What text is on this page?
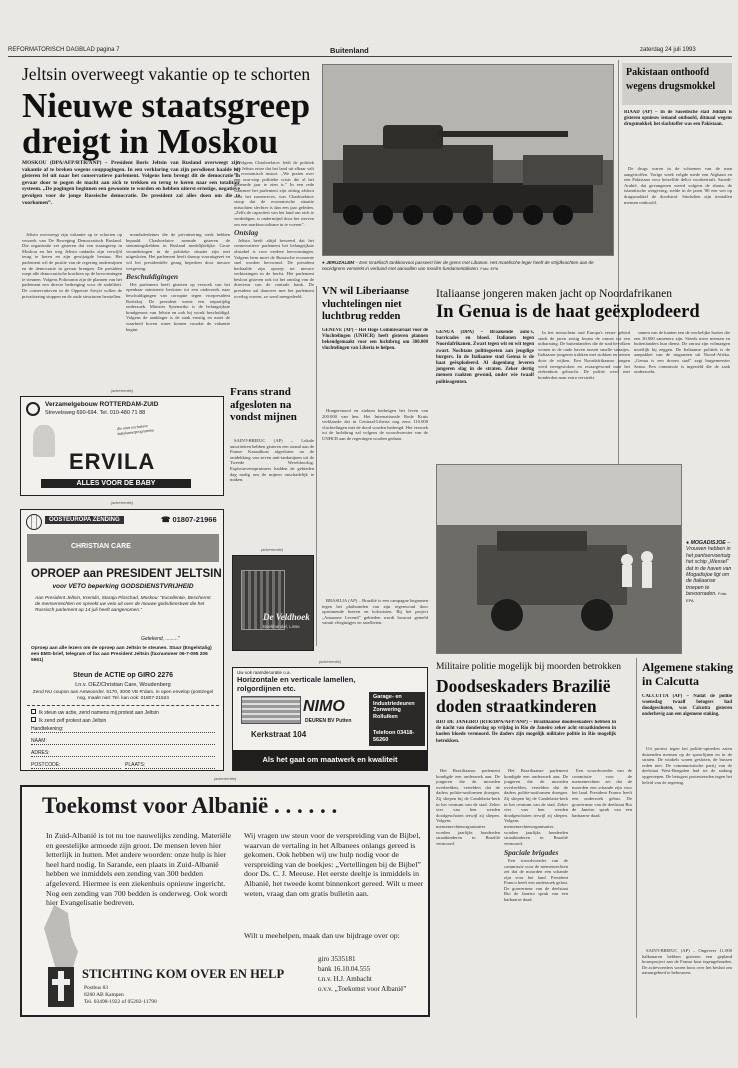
REFORMATORISCH DAGBLAD pagina 7	Buitenland	zaterdag 24 juli 1993
Jeltsin overweegt vakantie op te schorten
Nieuwe staatsgreep dreigt in Moskou
MOSKOU (DPA/AFP/RTR/ANP) – President Boris Jeltsin van Rusland overweegt zijn vakantie af te breken wegens couppogingen. In een verklaring van zijn persdienst haalde hij gisteren fel uit naar het conservatieve parlement. Volgens hem brengt dit de democratie in gevaar door te pogen de macht aan zich te trekken en terug te keren naar een totalitair systeem. „De pogingen beginnen een gewoonte te worden en hebben uiterst ernstige, negatieve gevolgen voor de jonge Russische democratie. De president zal alles doen om die te voorkomen”.

Jeltsin overweegt zijn vakantie op te schorten op verzoek van De Beweging Democratisch Rusland. Die organisatie zei gisteren dat een staatsgreep in Moskou en het weg Jeltsin ondanks zijn verwijld terug te keren en zijn gewijzigde bestuur. Het parlement wil de positie van de regering ondermijnen en de democratie in gevaar brengen. De president roept alle democratische krachten op de hervormingen te steunen. Volgens Poltoranin zijn de plannen van het parlement een directe bedreiging voor de stabiliteit. De conservatieven in de Opperste Sovjet willen de privatisering stoppen en de oude structuren herstellen.

mondsdesleines die de privatisering sterk hebben bepaald. Chasboelatov noemde gisteren de stemmingsliebben in Rusland medelijkelijke. Grote veranderingen in de politieke situatie zijn niet uitgesloten. Het parlement heeft daarop vooruitgezet en wil het presidentiële gezag beperken door nieuwe wetgeving.

Beschuldigingen

Het parlement heeft gisteren op verzoek van het openbaar ministerie besloten tot een onderzoek naar beschuldigingen van corruptie tegen vicepresident Roetskoj. De president wenst een onpartijdig onderzoek. Minister Sjoemeiko is de belangrijkste bondgenoot van Jeltsin en ook hij wordt beschuldigd. Volgens de aanklager is de zaak ernstig en moet de waarheid boven water komen voordat de vakantie begint.

Volgens Chasboelatov leidt de politiek van Jeltsin ertoe dat het land uit elkaar valt en economisch instort. „We praten over een non-stop politieke crisis die al het gebeurde jaar te zien is.” In een rede waarmee het parlement zijn zitting afsloot voor het zomerreces, was Chasboelatov stoop dat de economische situatie misschien slechter is dan een jaar geleden. „Zelfs de capaciteit van het land om zich te verdedigen, is ondermijnd door het streven om een marktsocialisme in te voeren”.

Ontslag

Jeltsin heeft altijd beweerd dat het conservatieve parlement het belangrijkste obstakel is voor verdere hervormingen. Volgens hem moet de Russische economie snel worden hervormd. De president herhaalde zijn oproep tot nieuwe verkiezingen in de herfst. Het parlement besloot gisteren ook tot het ontslag van de directeur van de centrale bank. De president zal daarover met het parlement overleg voeren, zo werd meegedeeld.

● JERUZALEM – Een Israëlisch tankkonvooi passeert hier de grens met Libanon. Het Israëlische leger heeft de strijdkrachten aan de noordgrens versterkt in verband met aanvallen van moslim-fundamentalisten. Foto: EPA
Pakistaan onthoofd wegens drugsmokkel
RIAAD (AP) – In de Saoedische stad Jiddah is gisteren opnieuw iemand onthoofd, ditmaal wegens drugsmokkel; het slachtoffer was een Pakistaan.

De drugs waren in de schoenen van de man aangetroffen. Vorige week volgde mede een Afghaan en een Pakistaan voor hetzelfde delict voorbestraft. Saoedi-Arabië, dat gevangenen weerd volgens de sharia, de islamitische wetgeving, stelde in de jaren '80 een wet op drugsmokkel de doodstraf. Sindsdien zijn tientallen mensen onthoofd.

(advertentie)
Verzamelgebouw ROTTERDAM-ZUID
Strevelsweg 690-694. Tel. 010-480 71 88
Zie onze exclusieve babykamerprogramma
ERVILA
ALLES VOOR DE BABY
(advertentie)
OOSTEUROPA ZENDING	☎ 01807-21966
CHRISTIAN CARE
OPROEP aan PRESIDENT JELTSIN
voor VETO beperking GODSDIENSTVRIJHEID
Aan President Jeltsin, Kremlin, Staraja Ploschad, Moskou: "Excellentie, Beschermt de mensenrechten en spreekt uw veto uit over de nieuwe godsdienstwet die het Russisch parlement op 14 juli heeft aangenomen."
Getekend, ........."
Oproep aan alle lezers om de oproep aan Jeltsin te steunen. Stuur (Engelstalig) een EMS-brief, telegram of fax aan President Jeltsin (faxnummer 06-7-095 206 5961)
Steun de ACTIE op GIRO 2276
t.n.v. OEZ/Christian Care, Woudenberg
Zend NU coupon aan Antwoordnr. 5170, 3000 VB R'dam, in open envelop (postzegel nog, maakt niet: Tel. kan ook: 01807-21524
Ik steun uw actie, zend namens mij protest aan Jeltsin
Ik zend zelf protest aan Jeltsin
Handtekening:
NAAM:
ADRES:
POSTCODE:	PLAATS:
VN wil Liberiaanse vluchtelingen niet luchtbrug redden
GENÈVE (AP) – Het Hoge Commissariaat voor de Vluchtelingen (UNHCR) heeft gisteren plannen bekendgemaakt voor een luchtbrug om 300.000 vluchtelingen van Liberia te helpen.

Hongersnood en ziekten bedreigen het leven van 200.000 van hen. Het Internationale Rode Kruis verklaarde dat in Centraal-Liberia nog eens 110.000 vluchtelingen met de dood worden bedreigd. Het verzoek tot de luchtbrug zal volgens de woordvoerster van de UNHCR aan de regeringen worden gedaan.

Frans strand afgesloten na vondst mijnen

SAINT-BRIEUC (AP) – Lokale autoriteiten hebben gisteren een strand aan de Franse Kanaalkust afgesloten na de ontdekking van zeven anti-tankmijnen uit de Tweede Wereldoorlog. Explosievenopruimers hadden de gebieden dag nodig om de mijnen onschadelijk te maken.

(advertentie)
De Veldhoek
Boekhandel, Lisse

BRASILIA (AP) – Brazilië is een campagne begonnen tegen het platbranden van zijn regenwoud door opruimende boeren en kolonisten. Bij het project „Amazone Levend” gebieden wordt bosrooi gemeld vanuit vliegtuigjes en satellieten.

Italiaanse jongeren maken jacht op Noordafrikanen
In Genua is de haat geëxplodeerd
GENUA (DPA) – Braakende auto's, barricades en bloed. Italianen tegen Noordafrikanen. Zwart tegen wit en wit tegen zwart. Nochtans politiegoeten aan jeugdige burgers. In de Italiaanse stad Genua is de haat geëxplodeerd. Al dagenlang leveren jongeren slag in de straten. Zeker dertig mensen raakten gewond, onder wie twaalf politieagenten.

In het mistschein oud Europa's eerste gebied sinds de jaren zestig kwam de onrust tot een uitbarsting. De buitenlanders die de stad bevolken wonen in de oude haven tussen smalle straatjes. Italiaanse jongeren trokken met stokken en stenen door de wijken. Een Noordafrikaanse jongen werd neergestoken en zwaargewond naar het ziekenhuis gebracht. De politie werd met honderden man extra versterkt.

samen van de kanten een de werkelijke boetes die een 30.000 samenerz zijn. Steeds meer mensen en buitenlanders hun dienst. De onrust zijn volmaagen moeilijk hij zeggen. De Italiaanse politiek is de aanpakket van de migranten uit Noord-Afrika. „Genua is een droom stad” zegt burgemeester Sansa. Een commissie is ingesteld die de zaak onderzoekt.

● MOGADISJOE – Vrouwen hebben in het pantservoertuig het schip „Wessel” dat in de haven van Mogadisjoe ligt om de Italiaanse troepen te bevoorraden. Foto: EPA
(advertentie)
Uw ook raamdecoratie o.a.
Horizontale en verticale lamellen, rolgordijnen etc.
NIMO
DEUREN BV Putten
Kerkstraat 104
Garage- en Industriedeuren Zonwering Rolluiken
Telefoon 03418-56260
Als het gaat om maatwerk en kwaliteit
Militaire politie mogelijk bij moorden betrokken
Doodseskaders Brazilië doden straatkinderen
RIO DE JANEIRO (RTR/DPA/AFP/ANP) – Braziliaanse doodseskaders hebben in de nacht van donderdag op vrijdag in Rio de Janeiro zeker acht straatkinderen in koelen bloede vermoord. De daders zijn mogelijk militaire politie in Rio mogelijk betrokken.

Het Braziliaanse parlement kondigde een onderzoek aan. De jongeren die de moorden overleefden, vertelden dat de daders politie-uniformen droegen. Zij sliepen bij de Candelaria-kerk in het centrum van de stad. Zeker vier van hen werden doodgeschoten terwijl zij sliepen. Volgens mensenrechtenorganisaties worden jaarlijks honderden straatkinderen in Brazilië vermoord.

Het Braziliaanse parlement kondigde een onderzoek aan. De jongeren die de moorden overleefden, vertelden dat de daders politie-uniformen droegen. Zij sliepen bij de Candelaria-kerk in het centrum van de stad. Zeker vier van hen werden doodgeschoten terwijl zij sliepen. Volgens mensenrechtenorganisaties worden jaarlijks honderden straatkinderen in Brazilië vermoord.

Spaciale brigades

Een woordvoerder van de commissie voor de mensenrechten zei dat de moorden een schande zijn voor het land. President Franco heeft een onderzoek gelast. De gouverneur van de deelstaat Rio de Janeiro sprak van een barbaarse daad.

Een woordvoerder van de commissie voor de mensenrechten zei dat de moorden een schande zijn voor het land. President Franco heeft een onderzoek gelast. De gouverneur van de deelstaat Rio de Janeiro sprak van een barbaarse daad.

Algemene staking in Calcutta
CALCUTTA (AP) – Nadat de politie woensdag twaalf betogers had doodgeschoten, was Calcutta gisteren onderhevig aan een algemene staking.

Uit protest tegen het politie-optreden zaten duizenden mensen op de spoorlijnen en in de straten. De winkels waren gesloten, de bussen reden niet. De communistische partij van de deelstaat West-Bengalen had tot de staking opgeroepen. De betogers protesteerden tegen het beleid van de regering.

SAINT-BRIEUC (AP) – Ongeveer 11.000 balkanaren hebben gisteren een gepland bouwproject aan de Franse kust tegengehouden. De actievoerders waren boos over het besluit om natuurgebied te bebouwen.

(advertentie)
Toekomst voor Albanië . . . . . .
In Zuid-Albanië is tot nu toe nauwelijks zending. Materiële en geestelijke armoede zijn groot. De mensen leven hier letterlijk in hutten. Met andere woorden: onze hulp is hier heel hard nodig. In Sarande, een plaats in Zuid-Albanië hebben we inmiddels een zending van 300 bedden afgeleverd. Hiermee is een ziekenhuis opnieuw ingericht. Nog een zending van 700 bedden is onderweg. Ook wordt hier Evangelisatie bedreven.
Wij vragen uw steun voor de verspreiding van de Bijbel, waarvan de vertaling in het Albanees onlangs gereed is gekomen. Ook hebben wij uw hulp nodig voor de verspreiding van de boekjes: „Vertellingen bij de Bijbel” door Ds. C. J. Meeuse. Het eerste deeltje is inmiddels in Albanië, het tweede komt binnenkort gereed. Wilt u meer weten, vraag dan om gratis bulletin aan.
Wilt u meehelpen, maak dan uw bijdrage over op:
giro 3535181
bank 16.10.04.555
t.n.v. H.J. Ambacht
o.v.v. „Toekomst voor Albanië”
STICHTING KOM OVER EN HELP
Postbus 83
8260 AB Kampen
Tel. 03498-1922 of 05202-11790
